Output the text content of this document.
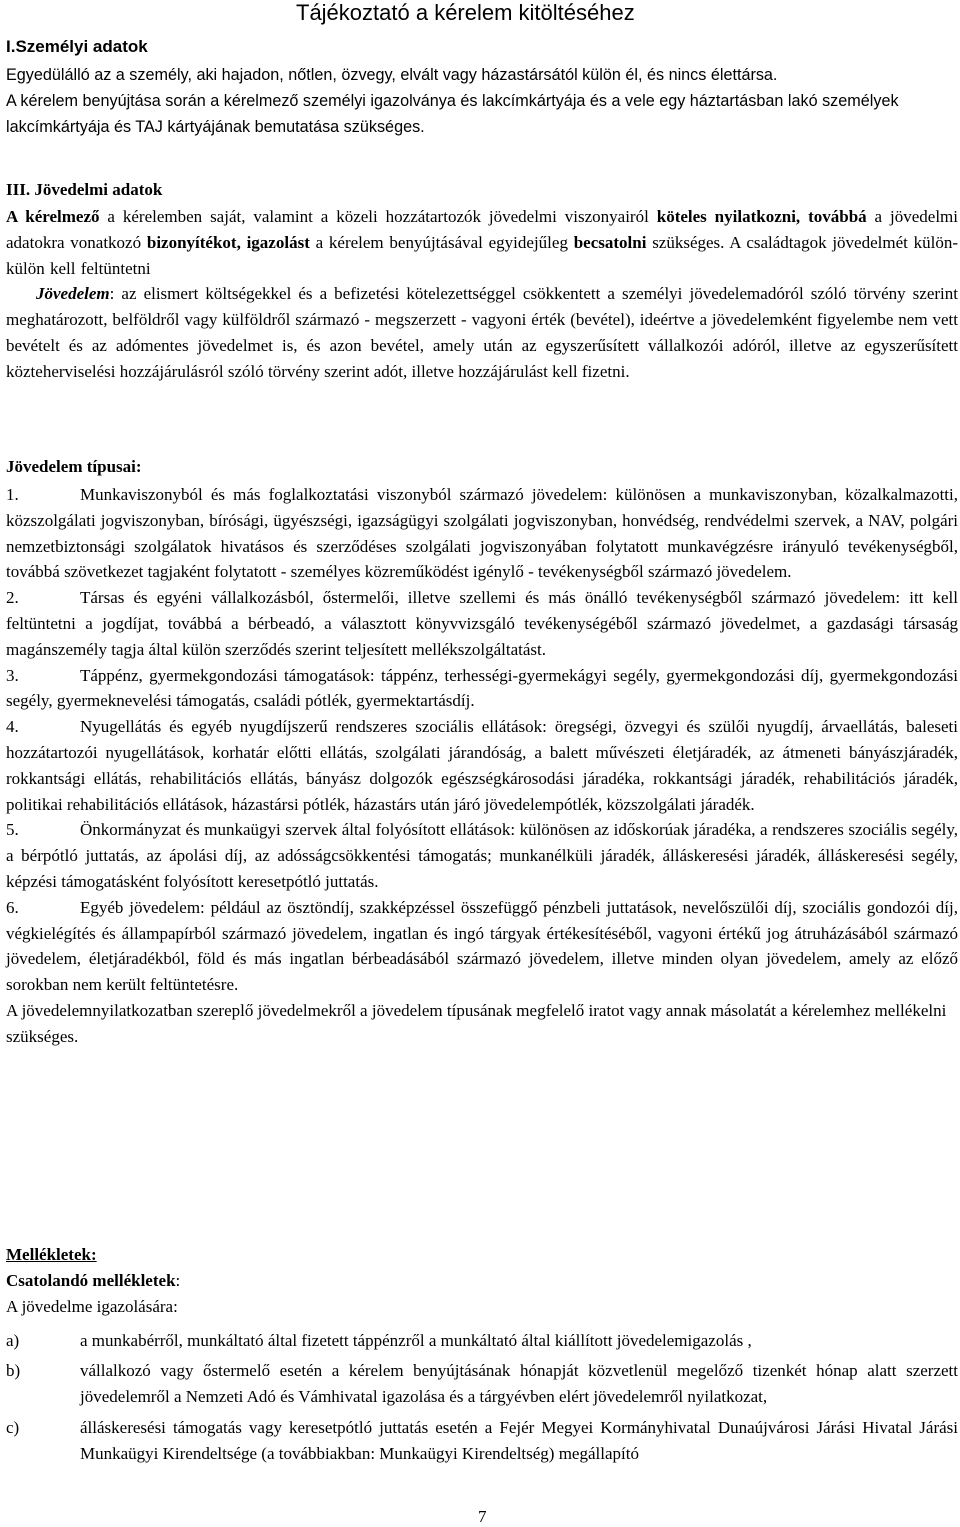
Tájékoztató a kérelem kitöltéséhez
I.Személyi adatok

Egyedülálló az a személy, aki hajadon, nőtlen, özvegy, elvált vagy házastársától külön él, és nincs élettársa.

A kérelem benyújtása során a kérelmező személyi igazolványa és lakcímkártyája és a vele egy háztartásban lakó személyek lakcímkártyája és TAJ kártyájának bemutatása szükséges.

III. Jövedelmi adatok

A kérelmező a kérelemben saját, valamint a közeli hozzátartozók jövedelmi viszonyairól köteles nyilatkozni, továbbá a jövedelmi adatokra vonatkozó bizonyítékot, igazolást a kérelem benyújtásával egyidejűleg becsatolni szükséges. A családtagok jövedelmét külön-külön kell feltüntetni

Jövedelem: az elismert költségekkel és a befizetési kötelezettséggel csökkentett a személyi jövedelemadóról szóló törvény szerint meghatározott, belföldről vagy külföldről származó - megszerzett - vagyoni érték (bevétel), ideértve a jövedelemként figyelembe nem vett bevételt és az adómentes jövedelmet is, és azon bevétel, amely után az egyszerűsített vállalkozói adóról, illetve az egyszerűsített közteherviselési hozzájárulásról szóló törvény szerint adót, illetve hozzájárulást kell fizetni.

Jövedelem típusai:

1.	Munkaviszonyból és más foglalkoztatási viszonyból származó jövedelem: különösen a munkaviszonyban, közalkalmazotti, közszolgálati jogviszonyban, bírósági, ügyészségi, igazságügyi szolgálati jogviszonyban, honvédség, rendvédelmi szervek, a NAV, polgári nemzetbiztonsági szolgálatok hivatásos és szerződéses szolgálati jogviszonyában folytatott munkavégzésre irányuló tevékenységből, továbbá szövetkezet tagjaként folytatott - személyes közreműködést igénylő - tevékenységből származó jövedelem.

2.	Társas és egyéni vállalkozásból, őstermelői, illetve szellemi és más önálló tevékenységből származó jövedelem: itt kell feltüntetni a jogdíjat, továbbá a bérbeadó, a választott könyvvizsgáló tevékenységéből származó jövedelmet, a gazdasági társaság magánszemély tagja által külön szerződés szerint teljesített mellékszolgáltatást.

3.	Táppénz, gyermekgondozási támogatások: táppénz, terhességi-gyermekágyi segély, gyermekgondozási díj, gyermekgondozási segély, gyermeknevelési támogatás, családi pótlék, gyermektartásdíj.

4.	Nyugellátás és egyéb nyugdíjszerű rendszeres szociális ellátások: öregségi, özvegyi és szülői nyugdíj, árvaellátás, baleseti hozzátartozói nyugellátások, korhatár előtti ellátás, szolgálati járandóság, a balett művészeti életjáradék, az átmeneti bányászjáradék, rokkantsági ellátás, rehabilitációs ellátás, bányász dolgozók egészségkárosodási járadéka, rokkantsági járadék, rehabilitációs járadék, politikai rehabilitációs ellátások, házastársi pótlék, házastárs után járó jövedelempótlék, közszolgálati járadék.

5.	Önkormányzat és munkaügyi szervek által folyósított ellátások: különösen az időskorúak járadéka, a rendszeres szociális segély, a bérpótló juttatás, az ápolási díj, az adósságcsökkentési támogatás; munkanélküli járadék, álláskeresési járadék, álláskeresési segély, képzési támogatásként folyósított keresetpótló juttatás.

6.	Egyéb jövedelem: például az ösztöndíj, szakképzéssel összefüggő pénzbeli juttatások, nevelőszülői díj, szociális gondozói díj, végkielégítés és állampapírból származó jövedelem, ingatlan és ingó tárgyak értékesítéséből, vagyoni értékű jog átruházásából származó jövedelem, életjáradékból, föld és más ingatlan bérbeadásából származó jövedelem, illetve minden olyan jövedelem, amely az előző sorokban nem került feltüntetésre.

A jövedelemnyilatkozatban szereplő jövedelmekről a jövedelem típusának megfelelő iratot vagy annak másolatát a kérelemhez mellékelni szükséges.

Mellékletek:

Csatolandó mellékletek:

A jövedelme igazolására:

a)	a munkabérről, munkáltató által fizetett táppénzről a munkáltató által kiállított jövedelemigazolás ,
b)	vállalkozó vagy őstermelő esetén a kérelem benyújtásának hónapját közvetlenül megelőző tizenkét hónap alatt szerzett jövedelemről a Nemzeti Adó és Vámhivatal igazolása és a tárgyévben elért jövedelemről nyilatkozat,
c)	álláskeresési támogatás vagy keresetpótló juttatás esetén a Fejér Megyei Kormányhivatal Dunaújvárosi Járási Hivatal Járási Munkaügyi Kirendeltsége (a továbbiakban: Munkaügyi Kirendeltség) megállapító
7
